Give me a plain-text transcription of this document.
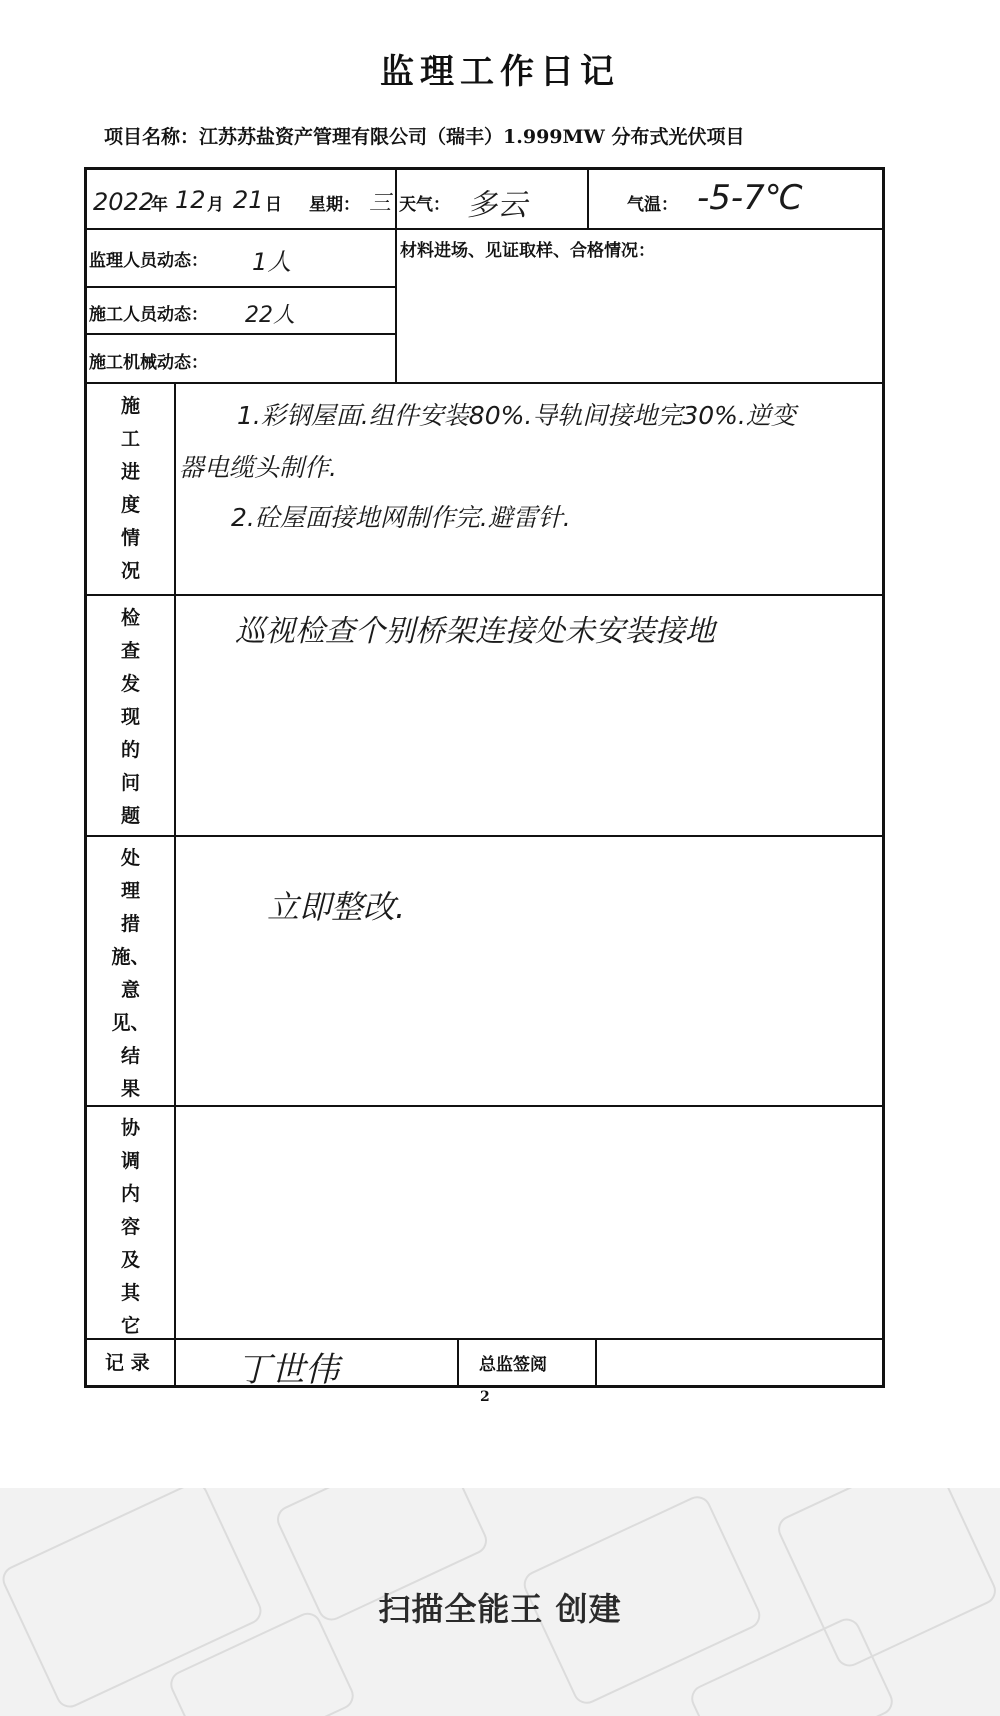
监理工作日记
项目名称：江苏苏盐资产管理有限公司（瑞丰）1.999MW 分布式光伏项目
2022
年 12 月 21 日 星期： 三 天气： 多云	气温： -5-7℃
监理人员动态： 1人
施工人员动态： 22人
施工机械动态：
材料进场、见证取样、合格情况：
施
工
进
度
情
况
1.彩钢屋面.组件安装80%.导轨间接地完30%.逆变
器电缆头制作.
2.砼屋面接地网制作完.避雷针.
检
查
发
现
的
问
题
巡视检查个别桥架连接处未安装接地
处
理
措
施、
意
见、
结
果
立即整改.
协
调
内
容
及
其
它
记 录	丁世伟	总监签阅
2
扫描全能王 创建
